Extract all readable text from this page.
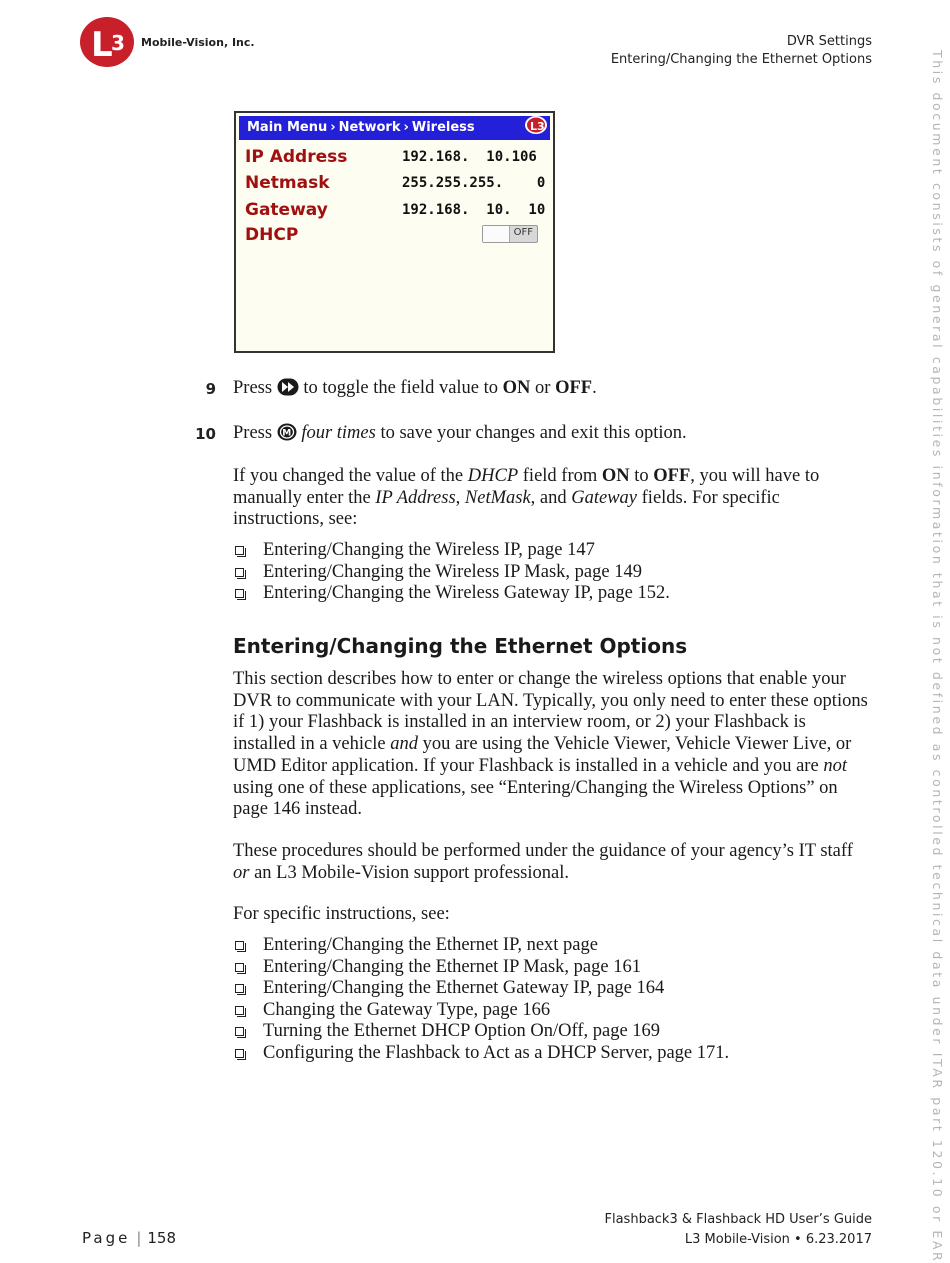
L
3 Mobile-Vision, Inc.	DVR Settings
Entering/Changing the Ethernet Options	This document consists of general capabilities information that is not defined as controlled technical data under ITAR part 120.10 or EAR
Main Menu › Network › Wireless	L3
IP Address	192.168.  10.106
Netmask	255.255.255.    0
Gateway	192.168.  10.  10
DHCP	OFF
9 Press to toggle the field value to ON or OFF.
10 Press M four times to save your changes and exit this option.
If you changed the value of the DHCP field from ON to OFF, you will have to manually enter the IP Address, NetMask, and Gateway fields. For specific instructions, see:
Entering/Changing the Wireless IP, page 147
Entering/Changing the Wireless IP Mask, page 149
Entering/Changing the Wireless Gateway IP, page 152.
Entering/Changing the Ethernet Options
This section describes how to enter or change the wireless options that enable your DVR to communicate with your LAN. Typically, you only need to enter these options if 1) your Flashback is installed in an interview room, or 2) your Flashback is installed in a vehicle and you are using the Vehicle Viewer, Vehicle Viewer Live, or UMD Editor application. If your Flashback is installed in a vehicle and you are not using one of these applications, see “Entering/Changing the Wireless Options” on page 146 instead.
These procedures should be performed under the guidance of your agency’s IT staff or an L3 Mobile-Vision support professional.
For specific instructions, see:
Entering/Changing the Ethernet IP, next page
Entering/Changing the Ethernet IP Mask, page 161
Entering/Changing the Ethernet Gateway IP, page 164
Changing the Gateway Type, page 166
Turning the Ethernet DHCP Option On/Off, page 169
Configuring the Flashback to Act as a DHCP Server, page 171.
Page | 158
Flashback3 & Flashback HD User’s Guide
L3 Mobile-Vision • 6.23.2017
